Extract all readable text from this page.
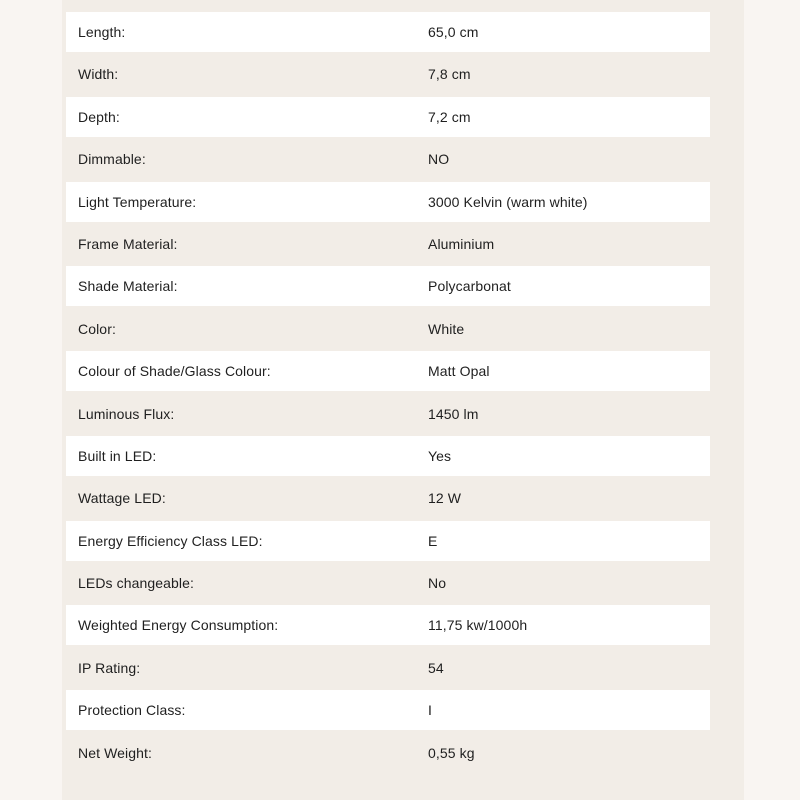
Length:	65,0 cm
Width:	7,8 cm
Depth:	7,2 cm
Dimmable:	NO
Light Temperature:	3000 Kelvin (warm white)
Frame Material:	Aluminium
Shade Material:	Polycarbonat
Color:	White
Colour of Shade/Glass Colour:	Matt Opal
Luminous Flux:	1450 lm
Built in LED:	Yes
Wattage LED:	12 W
Energy Efficiency Class LED:	E
LEDs changeable:	No
Weighted Energy Consumption:	11,75 kw/1000h
IP Rating:	54
Protection Class:	I
Net Weight:	0,55 kg
